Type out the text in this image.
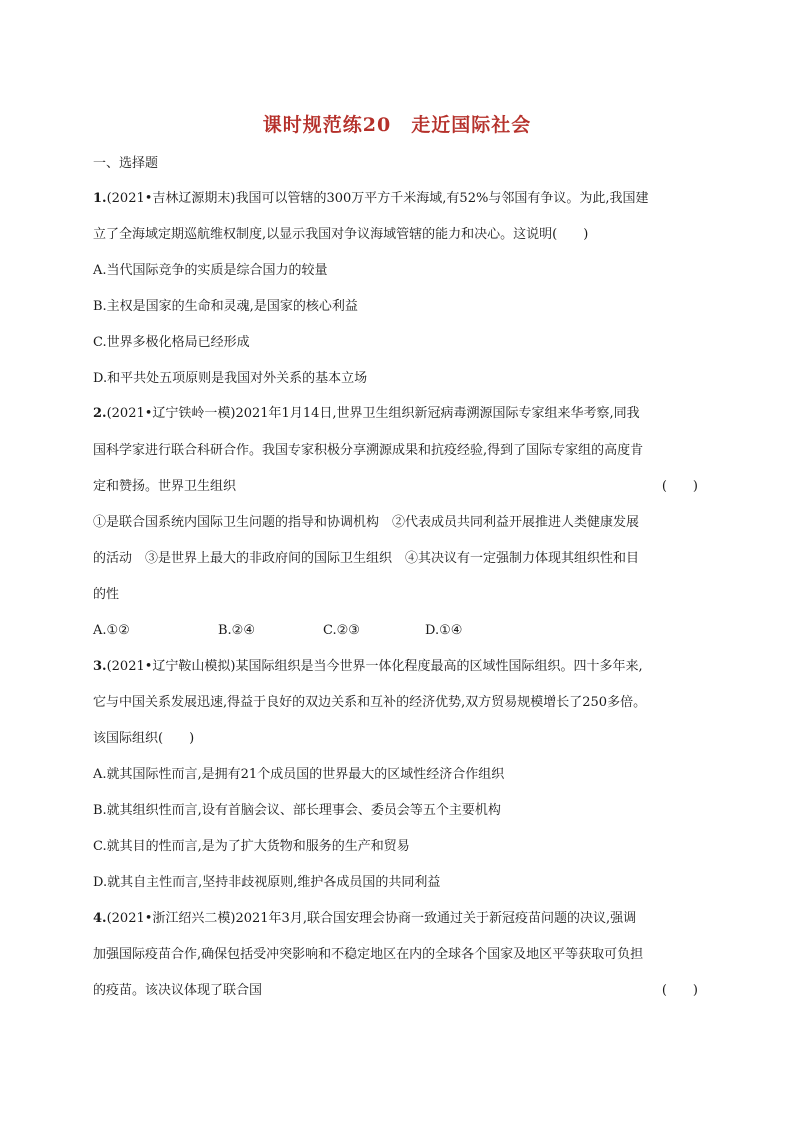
课时规范练20　走近国际社会
一、选择题
1.(2021•吉林辽源期末)我国可以管辖的300万平方千米海域,有52%与邻国有争议。为此,我国建
立了全海域定期巡航维权制度,以显示我国对争议海域管辖的能力和决心。这说明(　　)
A.当代国际竞争的实质是综合国力的较量
B.主权是国家的生命和灵魂,是国家的核心利益
C.世界多极化格局已经形成
D.和平共处五项原则是我国对外关系的基本立场
2.(2021•辽宁铁岭一模)2021年1月14日,世界卫生组织新冠病毒溯源国际专家组来华考察,同我
国科学家进行联合科研合作。我国专家积极分享溯源成果和抗疫经验,得到了国际专家组的高度肯
定和赞扬。世界卫生组织	(　　)
①是联合国系统内国际卫生问题的指导和协调机构　②代表成员共同利益开展推进人类健康发展
的活动　③是世界上最大的非政府间的国际卫生组织　④其决议有一定强制力体现其组织性和目
的性
A.①②	B.②④	C.②③	D.①④
3.(2021•辽宁鞍山模拟)某国际组织是当今世界一体化程度最高的区域性国际组织。四十多年来,
它与中国关系发展迅速,得益于良好的双边关系和互补的经济优势,双方贸易规模增长了250多倍。
该国际组织(　　)
A.就其国际性而言,是拥有21个成员国的世界最大的区域性经济合作组织
B.就其组织性而言,设有首脑会议、部长理事会、委员会等五个主要机构
C.就其目的性而言,是为了扩大货物和服务的生产和贸易
D.就其自主性而言,坚持非歧视原则,维护各成员国的共同利益
4.(2021•浙江绍兴二模)2021年3月,联合国安理会协商一致通过关于新冠疫苗问题的决议,强调
加强国际疫苗合作,确保包括受冲突影响和不稳定地区在内的全球各个国家及地区平等获取可负担
的疫苗。该决议体现了联合国	(　　)
